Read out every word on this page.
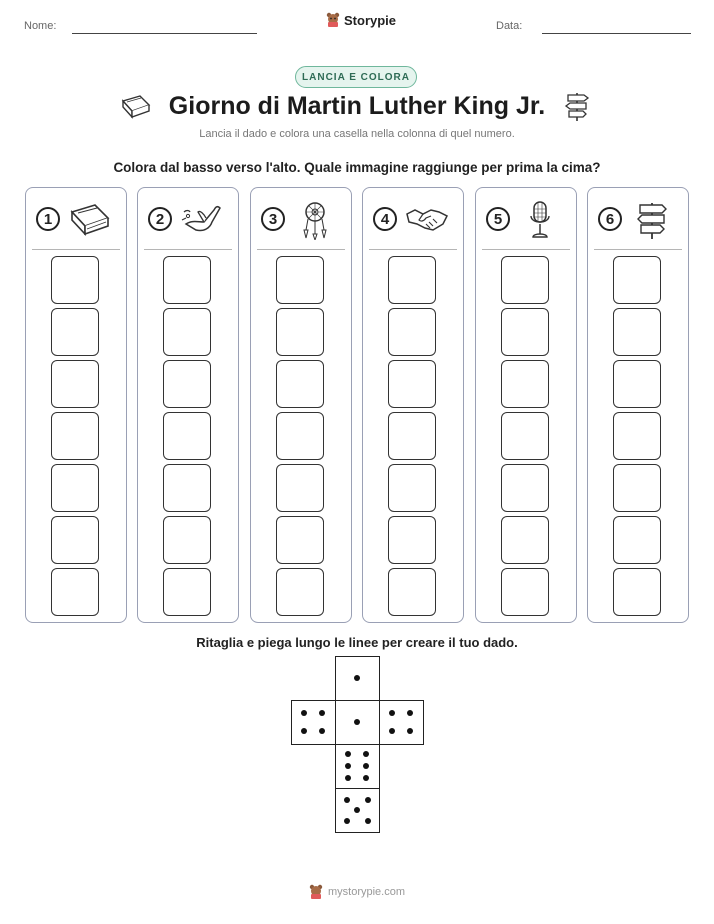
Nome:	Storypie	Data:
LANCIA E COLORA
Giorno di Martin Luther King Jr.
Lancia il dado e colora una casella nella colonna di quel numero.
Colora dal basso verso l'alto. Quale immagine raggiunge per prima la cima?
1	2	3	4	5	6
Ritaglia e piega lungo le linee per creare il tuo dado.
mystorypie.com
